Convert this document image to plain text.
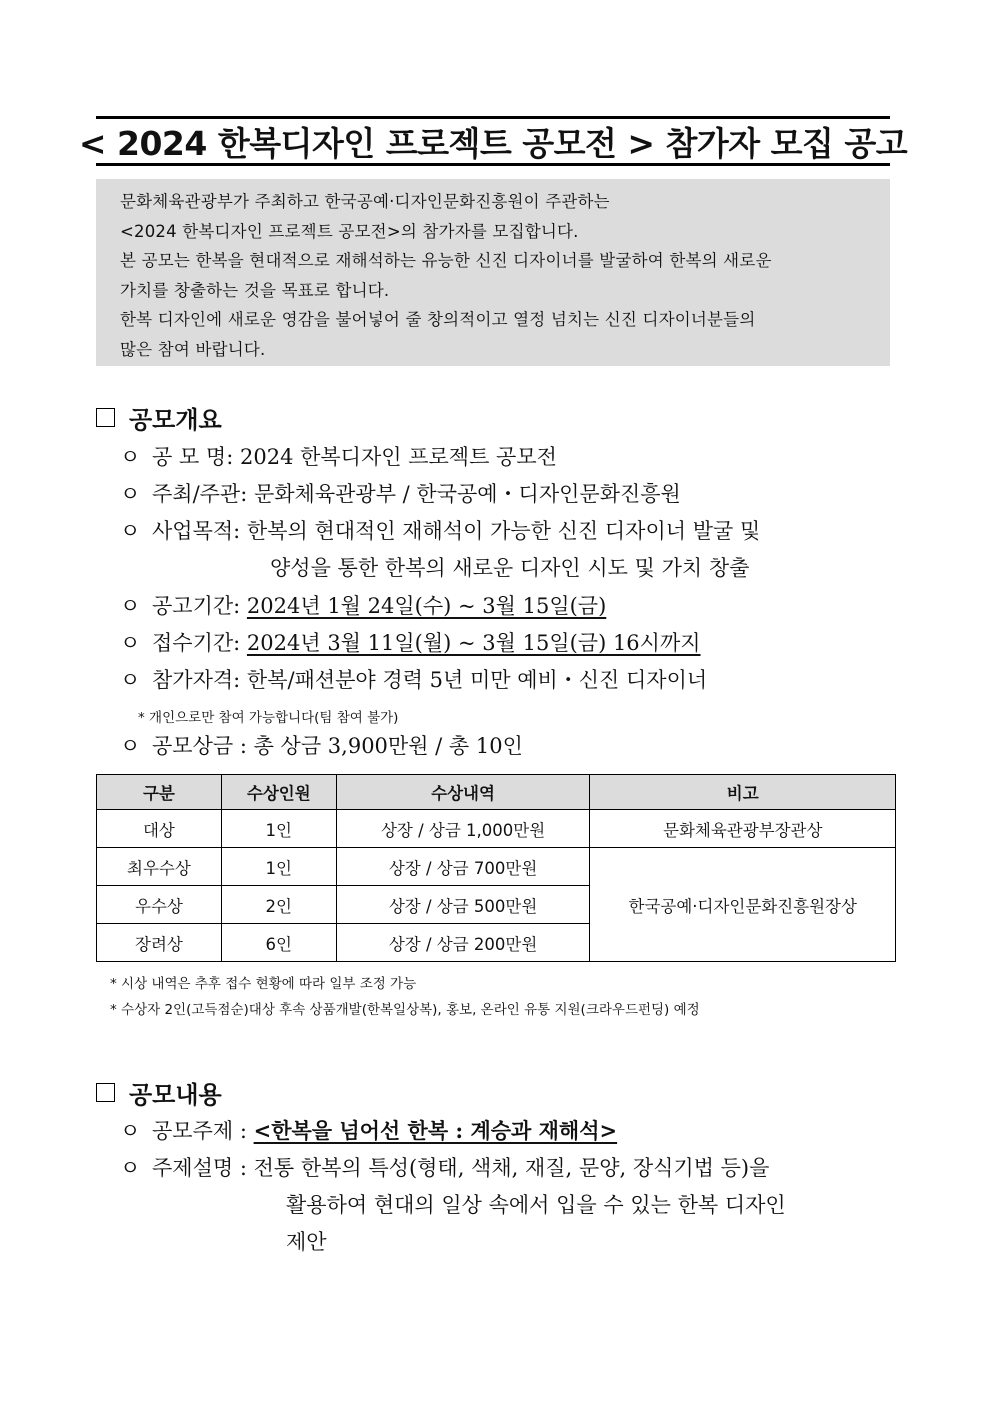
< 2024 한복디자인 프로젝트 공모전 > 참가자 모집 공고

문화체육관광부가 주최하고 한국공예·디자인문화진흥원이 주관하는

<2024 한복디자인 프로젝트 공모전>의 참가자를 모집합니다.

본 공모는 한복을 현대적으로 재해석하는 유능한 신진 디자이너를 발굴하여 한복의 새로운

가치를 창출하는 것을 목표로 합니다.

한복 디자인에 새로운 영감을 불어넣어 줄 창의적이고 열정 넘치는 신진 디자이너분들의

많은 참여 바랍니다.

공모개요
ㅇ 공 모 명: 2024 한복디자인 프로젝트 공모전
ㅇ 주최/주관: 문화체육관광부 / 한국공예・디자인문화진흥원
ㅇ 사업목적: 한복의 현대적인 재해석이 가능한 신진 디자이너 발굴 및
양성을 통한 한복의 새로운 디자인 시도 및 가치 창출
ㅇ 공고기간: 2024년 1월 24일(수) ~ 3월 15일(금)
ㅇ 접수기간: 2024년 3월 11일(월) ~ 3월 15일(금) 16시까지
ㅇ 참가자격: 한복/패션분야 경력 5년 미만 예비・신진 디자이너
* 개인으로만 참여 가능합니다(팀 참여 불가)
ㅇ 공모상금 : 총 상금 3,900만원 / 총 10인
구분	수상인원	수상내역	비고
대상	1인	상장 / 상금 1,000만원	문화체육관광부장관상
최우수상	1인	상장 / 상금 700만원	한국공예·디자인문화진흥원장상
우수상	2인	상장 / 상금 500만원	
장려상	6인	상장 / 상금 200만원	
* 시상 내역은 추후 접수 현황에 따라 일부 조정 가능
* 수상자 2인(고득점순)대상 후속 상품개발(한복일상복), 홍보, 온라인 유통 지원(크라우드펀딩) 예정
공모내용
ㅇ 공모주제 : <한복을 넘어선 한복 : 계승과 재해석>
ㅇ 주제설명 : 전통 한복의 특성(형태, 색채, 재질, 문양, 장식기법 등)을
활용하여 현대의 일상 속에서 입을 수 있는 한복 디자인
제안
